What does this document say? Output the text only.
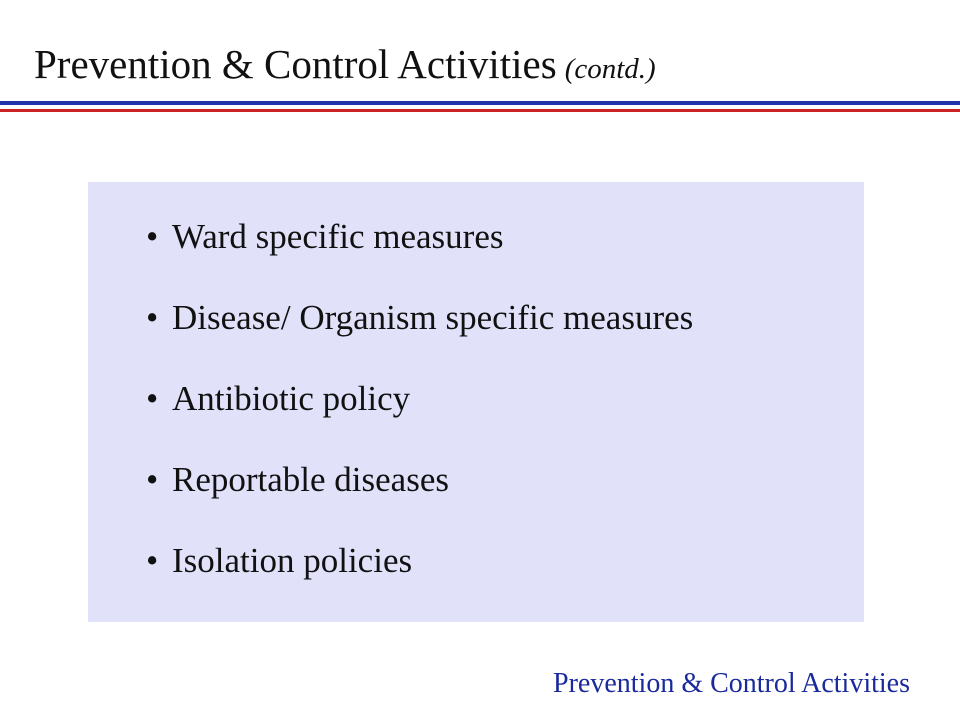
Prevention & Control Activities (contd.)
• Ward specific measures
• Disease/ Organism specific measures
• Antibiotic policy
• Reportable diseases
• Isolation policies
Prevention & Control Activities
